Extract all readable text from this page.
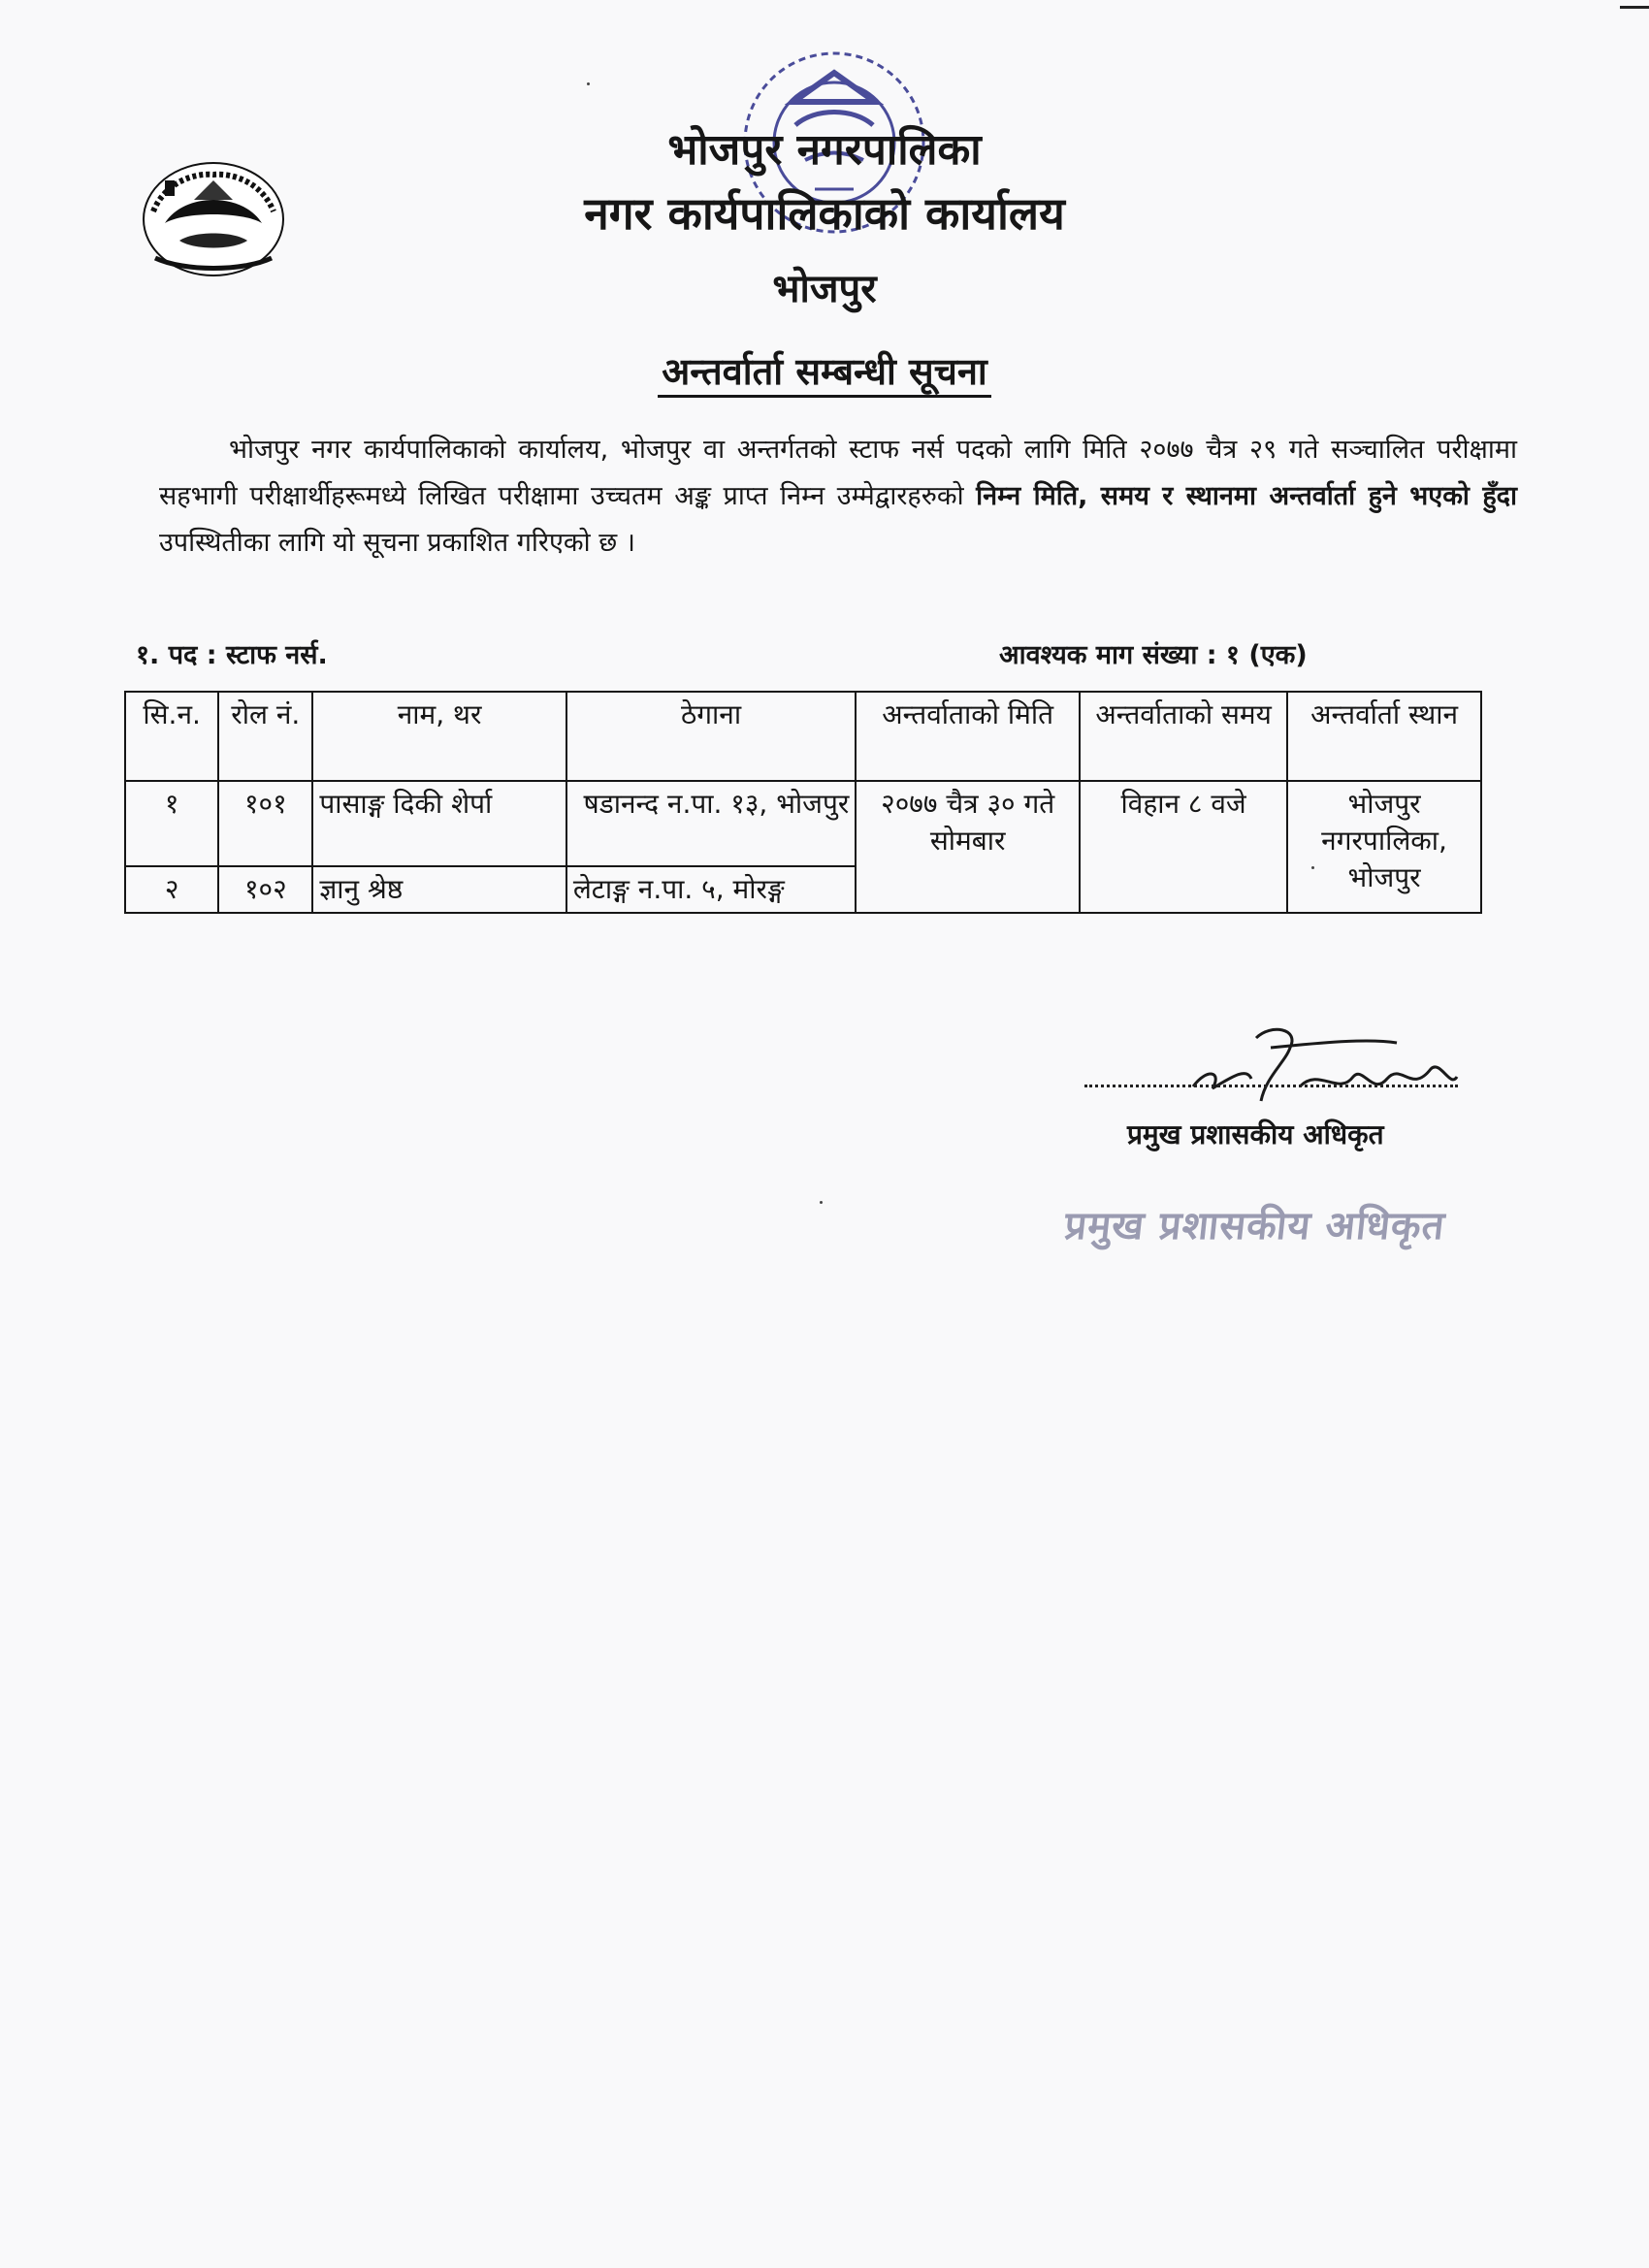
भोजपुर नगरपालिका
नगर कार्यपालिकाको कार्यालय
भोजपुर
अन्तर्वार्ता सम्बन्धी सूचना
भोजपुर नगर कार्यपालिकाको कार्यालय, भोजपुर वा अन्तर्गतको स्टाफ नर्स पदको लागि मिति २०७७ चैत्र २९ गते सञ्चालित परीक्षामा सहभागी परीक्षार्थीहरूमध्ये लिखित परीक्षामा उच्चतम अङ्क प्राप्त निम्न उम्मेद्वारहरुको निम्न मिति, समय र स्थानमा अन्तर्वार्ता हुने भएको हुँदा उपस्थितीका लागि यो सूचना प्रकाशित गरिएको छ ।
१. पद : स्टाफ नर्स.	आवश्यक माग संख्या : १ (एक)
सि.न.	रोल नं.	नाम, थर	ठेगाना	अन्तर्वाताको मिति	अन्तर्वाताको समय	अन्तर्वार्ता स्थान
१	१०१	पासाङ्ग दिकी शेर्पा	षडानन्द न.पा. १३, भोजपुर	२०७७ चैत्र ३० गते सोमबार	विहान ८ वजे	भोजपुर नगरपालिका, भोजपुर
२	१०२	ज्ञानु श्रेष्ठ	लेटाङ्ग न.पा. ५, मोरङ्ग			
प्रमुख प्रशासकीय अधिकृत
प्रमुख प्रशासकीय अधिकृत
